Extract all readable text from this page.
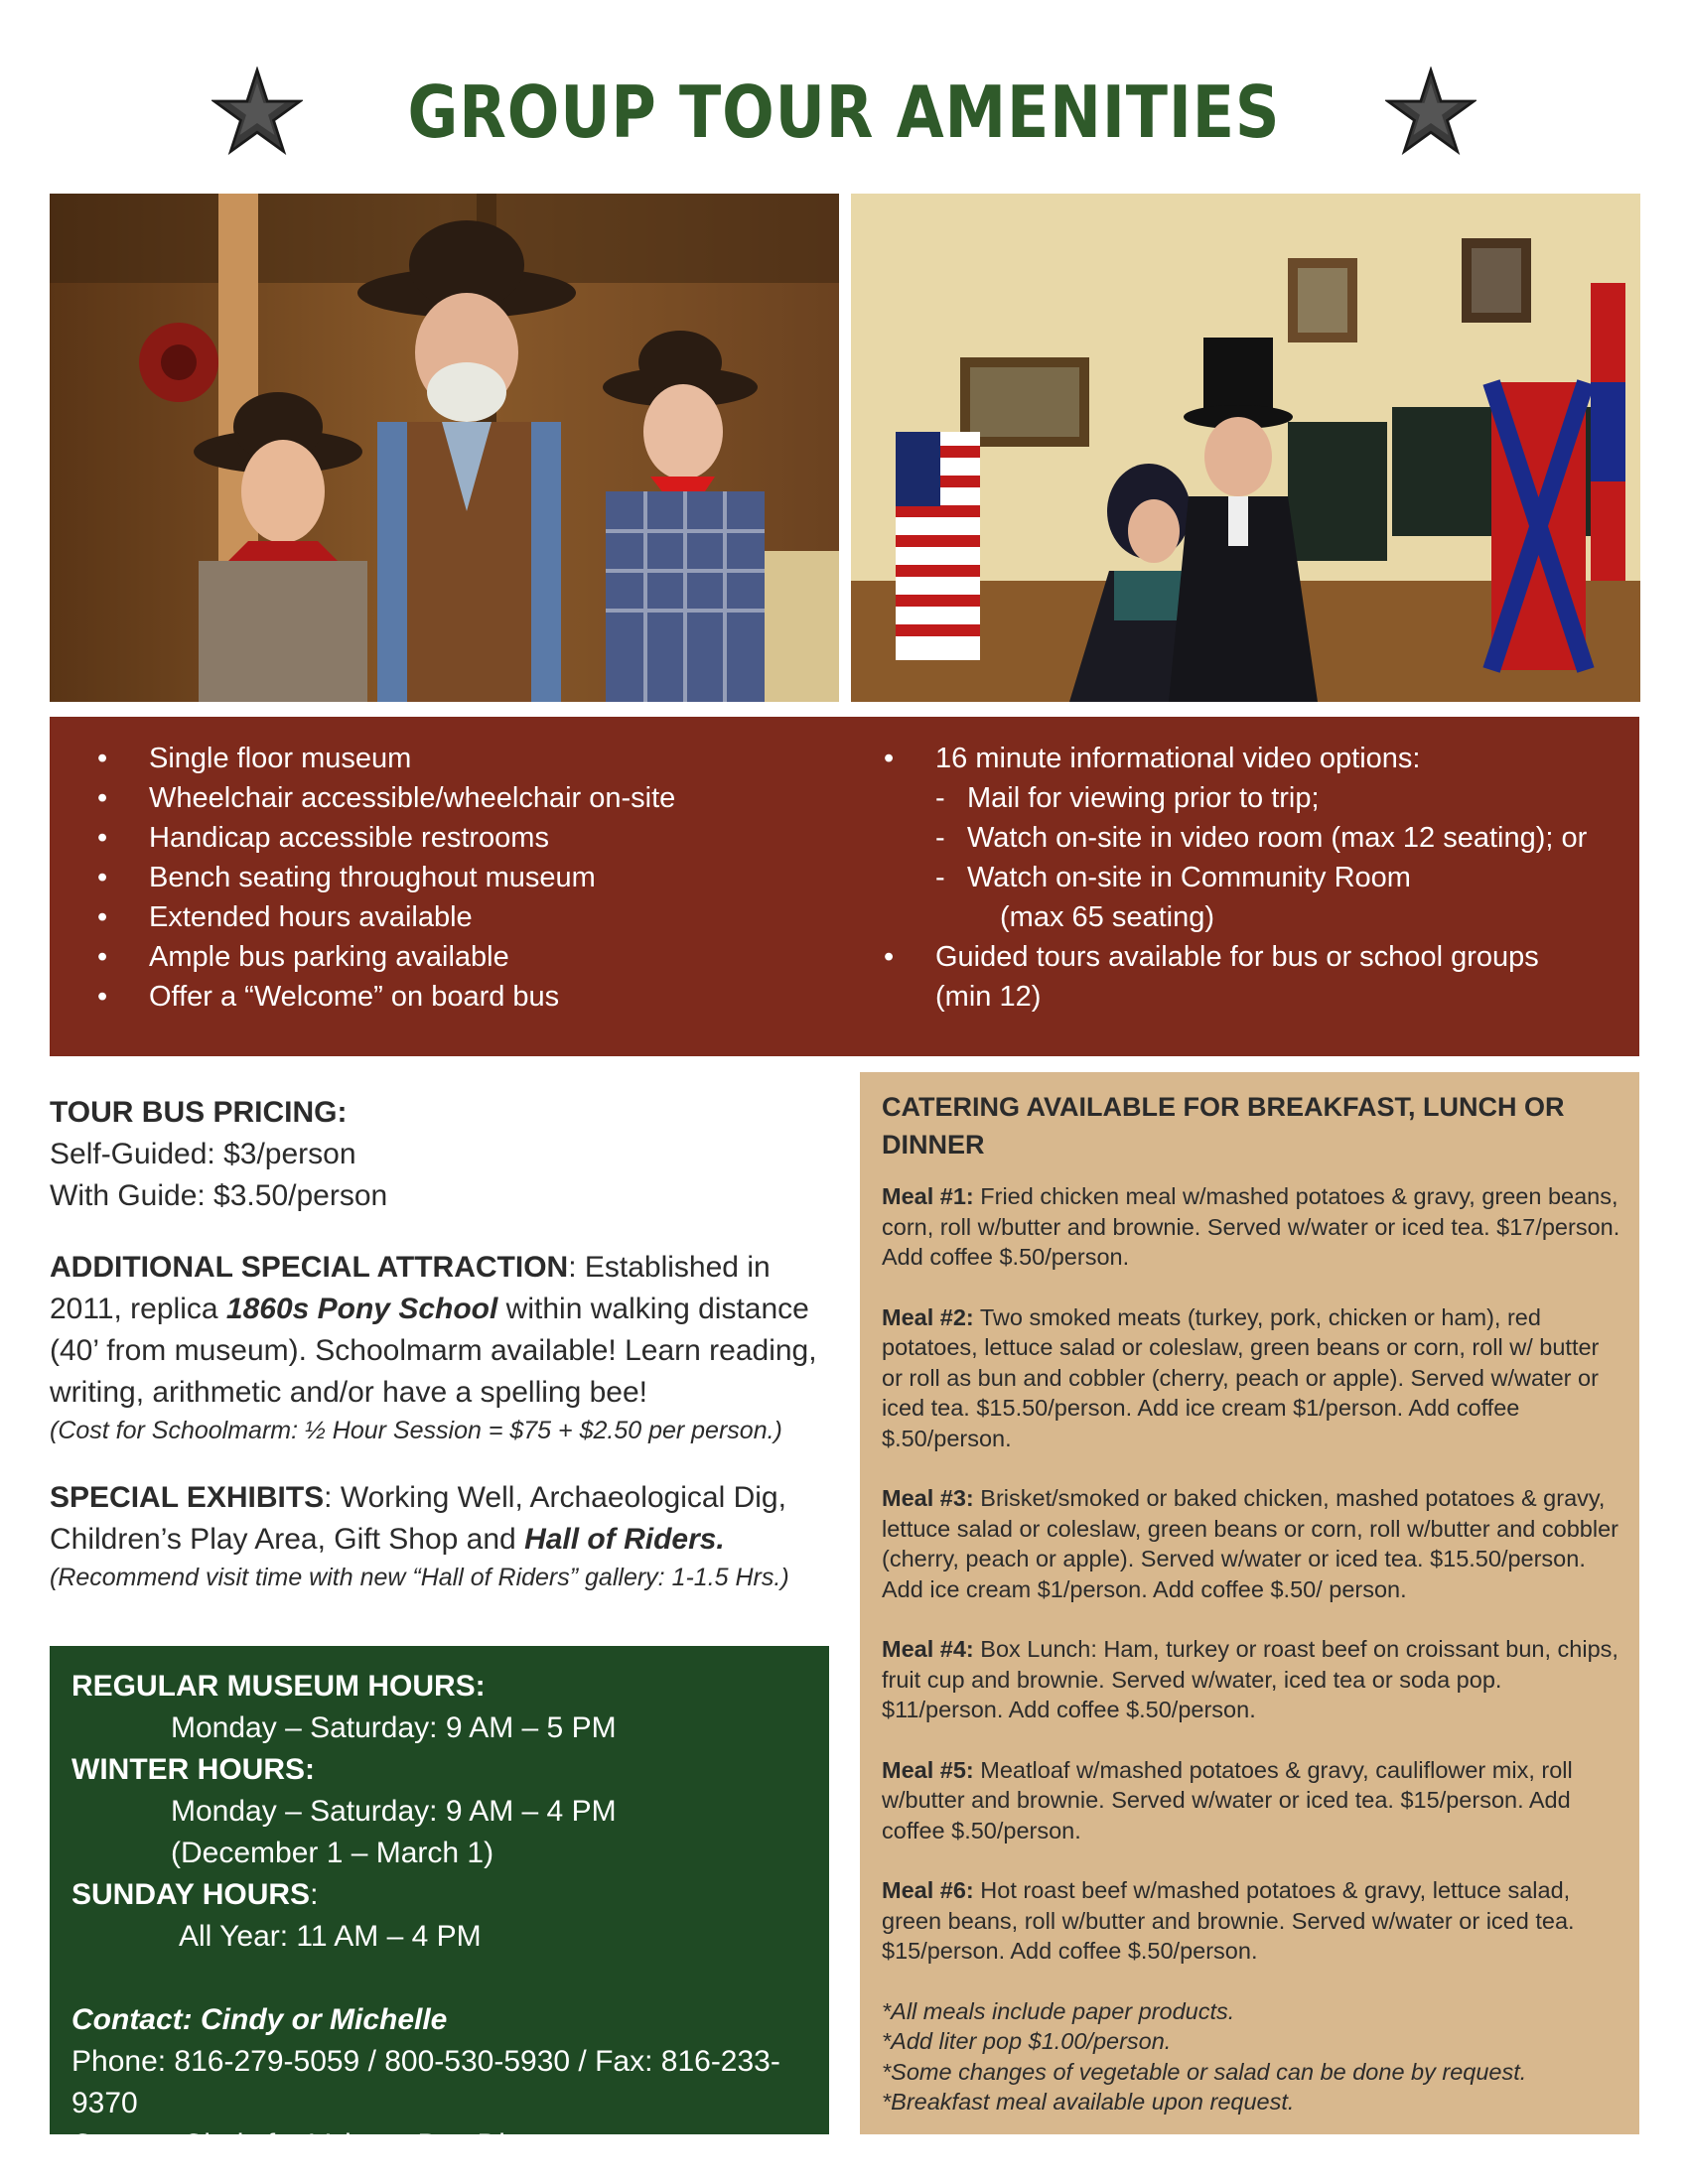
GROUP TOUR AMENITIES
• Single floor museum
• Wheelchair accessible/wheelchair on-site
• Handicap accessible restrooms
• Bench seating throughout museum
• Extended hours available
• Ample bus parking available
• Offer a “Welcome” on board bus
• 16 minute informational video options:
- Mail for viewing prior to trip;
- Watch on-site in video room (max 12 seating); or
- Watch on-site in Community Room
(max 65 seating)
• Guided tours available for bus or school groups
(min 12)

TOUR BUS PRICING:

Self-Guided: $3/person

With Guide: $3.50/person

ADDITIONAL SPECIAL ATTRACTION: Established in 2011, replica 1860s Pony School within walking distance (40’ from museum). Schoolmarm available! Learn reading, writing, arithmetic and/or have a spelling bee!

(Cost for Schoolmarm: ½ Hour Session = $75 + $2.50 per person.)

SPECIAL EXHIBITS: Working Well, Archaeological Dig, Children’s Play Area, Gift Shop and Hall of Riders.

(Recommend visit time with new “Hall of Riders” gallery: 1-1.5 Hrs.)

REGULAR MUSEUM HOURS:

Monday – Saturday: 9 AM – 5 PM

WINTER HOURS:

Monday – Saturday: 9 AM – 4 PM

(December 1 – March 1)

SUNDAY HOURS:

All Year: 11 AM – 4 PM

Contact: Cindy or Michelle

Phone: 816-279-5059 / 800-530-5930 / Fax: 816-233-9370

Contact Cindy for Volume Bus Discounts

CATERING AVAILABLE FOR BREAKFAST, LUNCH OR DINNER

Meal #1: Fried chicken meal w/mashed potatoes & gravy, green beans, corn, roll w/butter and brownie. Served w/water or iced tea. $17/person. Add coffee $.50/person.

Meal #2: Two smoked meats (turkey, pork, chicken or ham), red potatoes, lettuce salad or coleslaw, green beans or corn, roll w/ butter or roll as bun and cobbler (cherry, peach or apple). Served w/water or iced tea. $15.50/person. Add ice cream $1/person. Add coffee $.50/person.

Meal #3: Brisket/smoked or baked chicken, mashed potatoes & gravy, lettuce salad or coleslaw, green beans or corn, roll w/butter and cobbler (cherry, peach or apple). Served w/water or iced tea. $15.50/person. Add ice cream $1/person. Add coffee $.50/ person.

Meal #4: Box Lunch: Ham, turkey or roast beef on croissant bun, chips, fruit cup and brownie. Served w/water, iced tea or soda pop. $11/person. Add coffee $.50/person.

Meal #5: Meatloaf w/mashed potatoes & gravy, cauliflower mix, roll w/butter and brownie. Served w/water or iced tea. $15/person. Add coffee $.50/person.

Meal #6: Hot roast beef w/mashed potatoes & gravy, lettuce salad, green beans, roll w/butter and brownie. Served w/water or iced tea. $15/person. Add coffee $.50/person.

*All meals include paper products.

*Add liter pop $1.00/person.

*Some changes of vegetable or salad can be done by request.

*Breakfast meal available upon request.
